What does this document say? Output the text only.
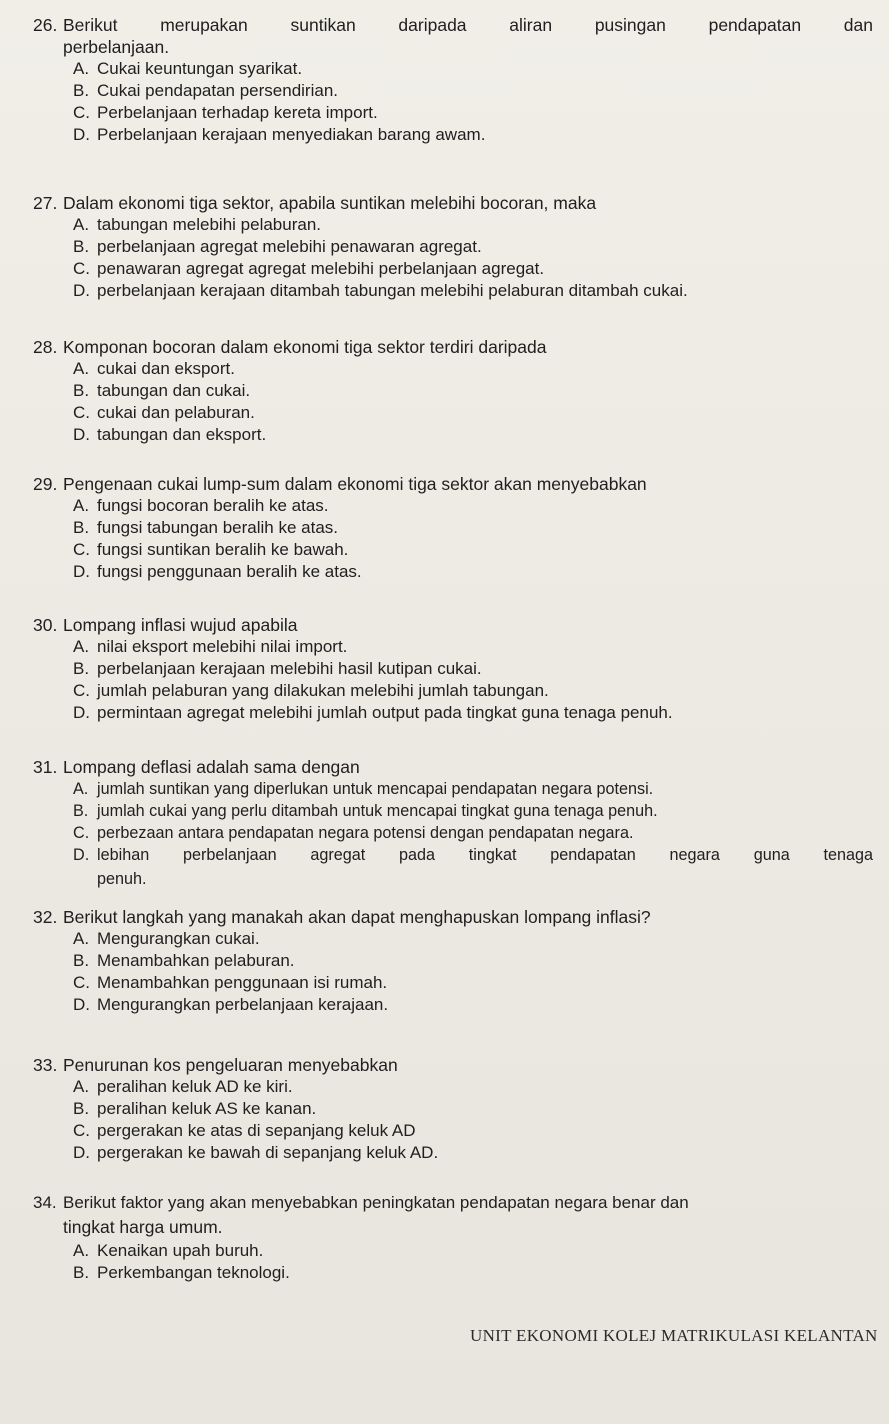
26. Berikut merupakan suntikan daripada aliran pusingan pendapatan dan

perbelanjaan.

A. Cukai keuntungan syarikat.
B. Cukai pendapatan persendirian.
C. Perbelanjaan terhadap kereta import.
D. Perbelanjaan kerajaan menyediakan barang awam.

27. Dalam ekonomi tiga sektor, apabila suntikan melebihi bocoran, maka

A. tabungan melebihi pelaburan.
B. perbelanjaan agregat melebihi penawaran agregat.
C. penawaran agregat agregat melebihi perbelanjaan agregat.
D. perbelanjaan kerajaan ditambah tabungan melebihi pelaburan ditambah cukai.

28. Komponan bocoran dalam ekonomi tiga sektor terdiri daripada

A. cukai dan eksport.
B. tabungan dan cukai.
C. cukai dan pelaburan.
D. tabungan dan eksport.

29. Pengenaan cukai lump-sum dalam ekonomi tiga sektor akan menyebabkan

A. fungsi bocoran beralih ke atas.
B. fungsi tabungan beralih ke atas.
C. fungsi suntikan beralih ke bawah.
D. fungsi penggunaan beralih ke atas.

30. Lompang inflasi wujud apabila

A. nilai eksport melebihi nilai import.
B. perbelanjaan kerajaan melebihi hasil kutipan cukai.
C. jumlah pelaburan yang dilakukan melebihi jumlah tabungan.
D. permintaan agregat melebihi jumlah output pada tingkat guna tenaga penuh.

31. Lompang deflasi adalah sama dengan

A. jumlah suntikan yang diperlukan untuk mencapai pendapatan negara potensi.
B. jumlah cukai yang perlu ditambah untuk mencapai tingkat guna tenaga penuh.
C. perbezaan antara pendapatan negara potensi dengan pendapatan negara.
D. lebihan perbelanjaan agregat pada tingkat pendapatan negara guna tenaga
penuh.

32. Berikut langkah yang manakah akan dapat menghapuskan lompang inflasi?

A. Mengurangkan cukai.
B. Menambahkan pelaburan.
C. Menambahkan penggunaan isi rumah.
D. Mengurangkan perbelanjaan kerajaan.

33. Penurunan kos pengeluaran menyebabkan

A. peralihan keluk AD ke kiri.
B. peralihan keluk AS ke kanan.
C. pergerakan ke atas di sepanjang keluk AD
D. pergerakan ke bawah di sepanjang keluk AD.

34. Berikut faktor yang akan menyebabkan peningkatan pendapatan negara benar dan

tingkat harga umum.

A. Kenaikan upah buruh.
B. Perkembangan teknologi.
UNIT EKONOMI KOLEJ MATRIKULASI KELANTAN
